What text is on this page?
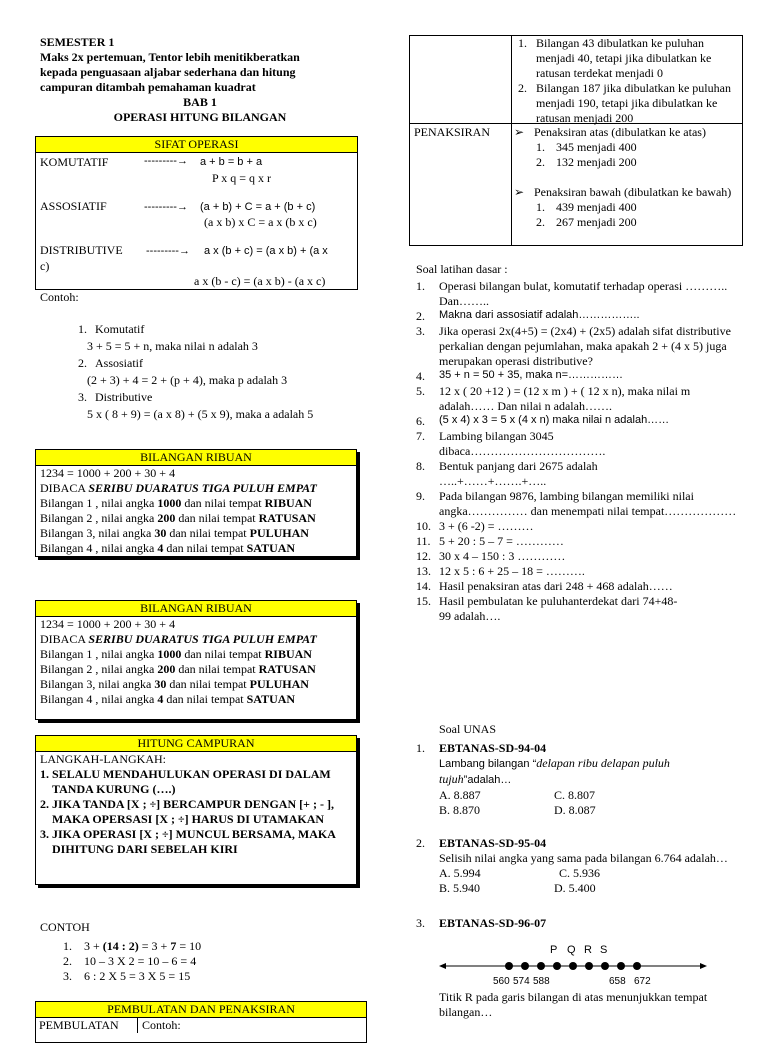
SEMESTER 1
Maks 2x pertemuan, Tentor lebih menitikberatkan kepada penguasaan aljabar sederhana dan hitung campuran ditambah pemahaman kuadrat
BAB 1
OPERASI HITUNG BILANGAN
SIFAT OPERASI
KOMUTATIF	---------→ a + b = b + a
P x q = q x r
ASSOSIATIF	---------→ (a + b) + C = a + (b + c)
(a x b) x C = a x (b x c)
DISTRIBUTIVE ---------→ a x (b + c) = (a x b) + (a x
c)
a x (b - c) = (a x b) - (a x c)
Contoh:
1. Komutatif
3 + 5 = 5 + n, maka nilai n adalah 3
2. Assosiatif
(2 + 3) + 4 = 2 + (p + 4), maka p adalah 3
3. Distributive
5 x ( 8 + 9) = (a x 8) + (5 x 9), maka a adalah 5
BILANGAN RIBUAN
1234 = 1000 + 200 + 30 + 4
DIBACA SERIBU DUARATUS TIGA PULUH EMPAT
Bilangan 1 , nilai angka 1000 dan nilai tempat RIBUAN
Bilangan 2 , nilai angka 200 dan nilai tempat RATUSAN
Bilangan 3, nilai angka 30 dan nilai tempat PULUHAN
Bilangan 4 , nilai angka 4 dan nilai tempat SATUAN
BILANGAN RIBUAN
1234 = 1000 + 200 + 30 + 4
DIBACA SERIBU DUARATUS TIGA PULUH EMPAT
Bilangan 1 , nilai angka 1000 dan nilai tempat RIBUAN
Bilangan 2 , nilai angka 200 dan nilai tempat RATUSAN
Bilangan 3, nilai angka 30 dan nilai tempat PULUHAN
Bilangan 4 , nilai angka 4 dan nilai tempat SATUAN
HITUNG CAMPURAN
LANGKAH-LANGKAH:
1. SELALU MENDAHULUKAN OPERASI DI DALAM TANDA KURUNG (….)
2. JIKA TANDA [X ; ÷] BERCAMPUR DENGAN [+ ; - ], MAKA OPERSASI [X ; ÷] HARUS DI UTAMAKAN
3. JIKA OPERASI [X ; ÷] MUNCUL BERSAMA, MAKA DIHITUNG DARI SEBELAH KIRI
CONTOH
1.	3 + (14 : 2) = 3 + 7 = 10
2.	10 – 3 X 2 = 10 – 6 = 4
3.	6 : 2 X 5 = 3 X 5 = 15
PEMBULATAN DAN PENAKSIRAN
PEMBULATAN	Contoh:
1. Bilangan 43 dibulatkan ke puluhan menjadi 40, tetapi jika dibulatkan ke ratusan terdekat menjadi 0
2. Bilangan 187 jika dibulatkan ke puluhan menjadi 190, tetapi jika dibulatkan ke ratusan menjadi 200
PENAKSIRAN ➢ Penaksiran atas (dibulatkan ke atas)
1. 345 menjadi 400
2. 132 menjadi 200
➢ Penaksiran bawah (dibulatkan ke bawah)
1. 439 menjadi 400
2. 267 menjadi 200
Soal latihan dasar :
1.	Operasi bilangan bulat, komutatif terhadap operasi ……….. Dan……..
2.	Makna dari assosiatif adalah……………..
3.	Jika operasi 2x(4+5) = (2x4) + (2x5) adalah sifat distributive perkalian dengan pejumlahan, maka apakah 2 + (4 x 5) juga merupakan operasi distributive?
4.	35 + n = 50 + 35, maka n=……………
5.	12 x ( 20 +12 ) = (12 x m ) + ( 12 x n), maka nilai m adalah…… Dan nilai n adalah…….
6.	(5 x 4) x 3 = 5 x (4 x n) maka nilai n adalah……
7.	Lambing bilangan 3045 dibaca…………………………….
8.	Bentuk panjang dari 2675 adalah …..+……+…….+…..
9.	Pada bilangan 9876, lambing bilangan memiliki nilai angka…………… dan menempati nilai tempat………………
10. 3 + (6 -2) = ………
11. 5 + 20 : 5 – 7 = …………
12. 30 x 4 – 150 : 3 …………
13. 12 x 5 : 6 + 25 – 18 = ……….
14. Hasil penaksiran atas dari 248 + 468 adalah……
15. Hasil pembulatan ke puluhanterdekat dari 74+48-99 adalah….
Soal UNAS
1.	EBTANAS-SD-94-04
Lambang bilangan “delapan ribu delapan puluh tujuh”adalah…
A. 8.887	C. 8.807
B. 8.870	D. 8.087
2.	EBTANAS-SD-95-04
Selisih nilai angka yang sama pada bilangan 6.764 adalah…
A. 5.994	C. 5.936
B. 5.940	D. 5.400
3.	EBTANAS-SD-96-07
P Q R S
560 574 588	658 672
Titik R pada garis bilangan di atas menunjukkan tempat bilangan…
